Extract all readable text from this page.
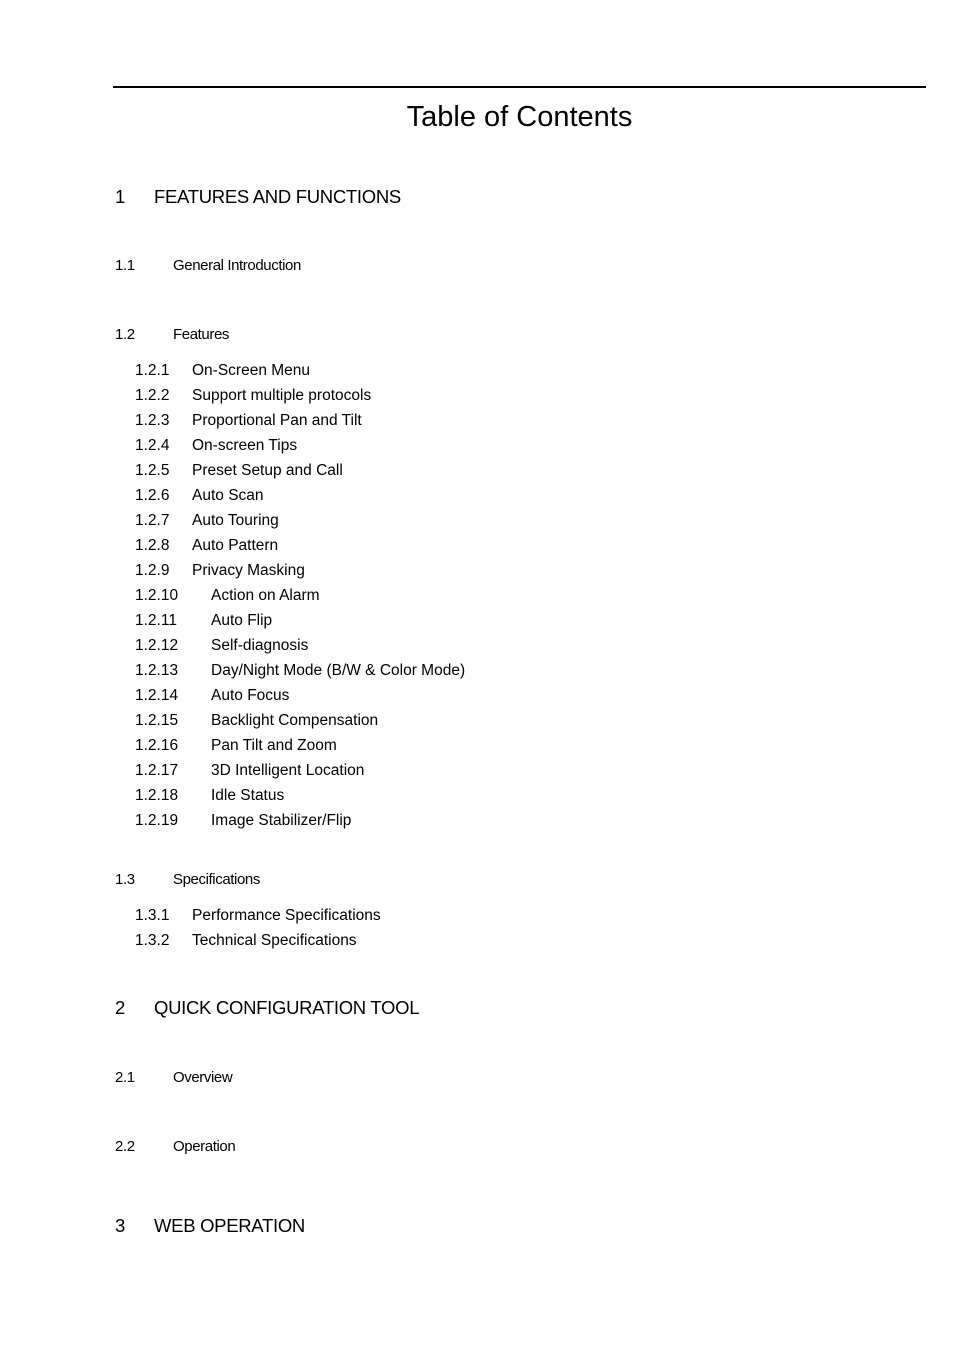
Table of Contents
1 FEATURES AND FUNCTIONS
1.1	General Introduction
1.2	Features
1.2.1 On-Screen Menu
1.2.2 Support multiple protocols
1.2.3 Proportional Pan and Tilt
1.2.4 On-screen Tips
1.2.5 Preset Setup and Call
1.2.6 Auto Scan
1.2.7 Auto Touring
1.2.8 Auto Pattern
1.2.9 Privacy Masking
1.2.10 Action on Alarm
1.2.11 Auto Flip
1.2.12 Self-diagnosis
1.2.13 Day/Night Mode (B/W & Color Mode)
1.2.14 Auto Focus
1.2.15 Backlight Compensation
1.2.16 Pan Tilt and Zoom
1.2.17 3D Intelligent Location
1.2.18 Idle Status
1.2.19 Image Stabilizer/Flip
1.3	Specifications
1.3.1 Performance Specifications
1.3.2 Technical Specifications
2 QUICK CONFIGURATION TOOL
2.1	Overview
2.2	Operation
3 WEB OPERATION
